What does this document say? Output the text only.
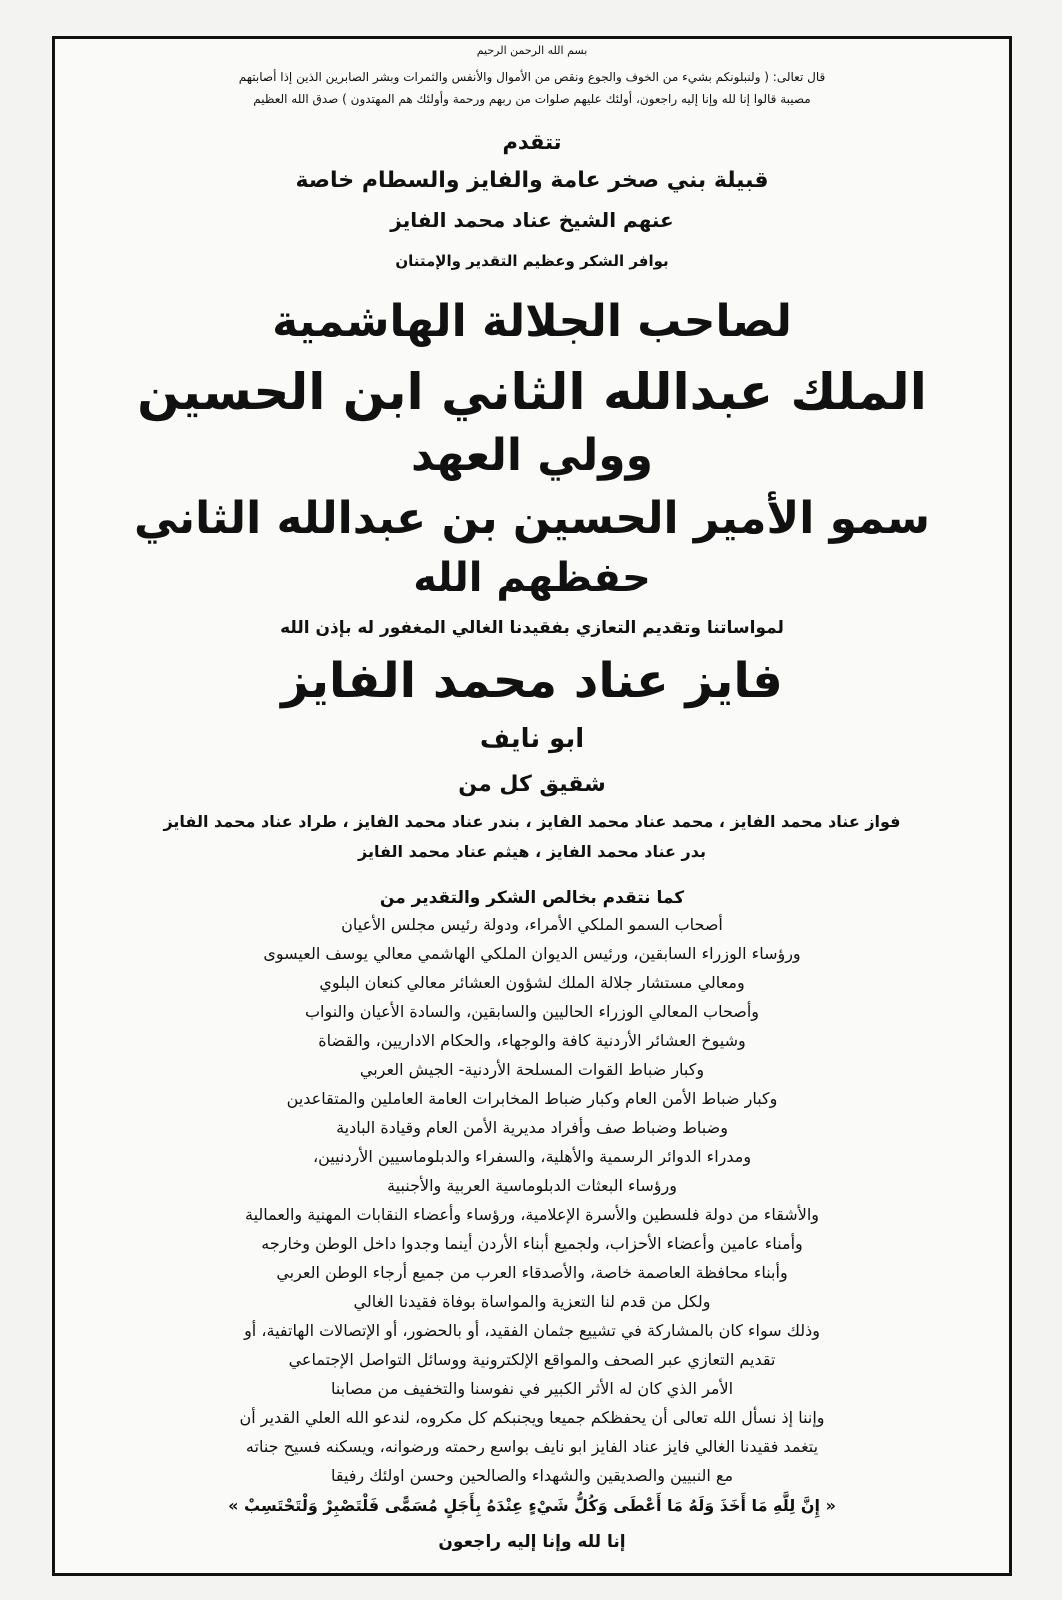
بسم الله الرحمن الرحيم
قال تعالى: ( ولنبلونكم بشيء من الخوف والجوع ونقص من الأموال والأنفس والثمرات وبشر الصابرين الذين إذا أصابتهم
مصيبة قالوا إنا لله وإنا إليه راجعون، أولئك عليهم صلوات من ربهم ورحمة وأولئك هم المهتدون ) صدق الله العظيم
تتقدم
قبيلة بني صخر عامة والفايز والسطام خاصة
عنهم الشيخ عناد محمد الفايز
بوافر الشكر وعظيم التقدير والإمتنان
لصاحب الجلالة الهاشمية
الملك عبدالله الثاني ابن الحسين
وولي العهد
سمو الأمير الحسين بن عبدالله الثاني
حفظهم الله
لمواساتنا وتقديم التعازي بفقيدنا الغالي المغفور له بإذن الله
فايز عناد محمد الفايز
ابو نايف
شقيق كل من
فواز عناد محمد الفايز ، محمد عناد محمد الفايز ، بندر عناد محمد الفايز ، طراد عناد محمد الفايز
بدر عناد محمد الفايز ، هيثم عناد محمد الفايز
كما نتقدم بخالص الشكر والتقدير من
أصحاب السمو الملكي الأمراء، ودولة رئيس مجلس الأعيان
ورؤساء الوزراء السابقين، ورئيس الديوان الملكي الهاشمي معالي يوسف العيسوى
ومعالي مستشار جلالة الملك لشؤون العشائر معالي كنعان البلوي
وأصحاب المعالي الوزراء الحاليين والسابقين، والسادة الأعيان والنواب
وشيوخ العشائر الأردنية كافة والوجهاء، والحكام الاداريين، والقضاة
وكبار ضباط القوات المسلحة الأردنية- الجيش العربي
وكبار ضباط الأمن العام وكبار ضباط المخابرات العامة العاملين والمتقاعدين
وضباط وضباط صف وأفراد مديرية الأمن العام وقيادة البادية
ومدراء الدوائر الرسمية والأهلية، والسفراء والدبلوماسيين الأردنيين،
ورؤساء البعثات الدبلوماسية العربية والأجنبية
والأشقاء من دولة فلسطين والأسرة الإعلامية، ورؤساء وأعضاء النقابات المهنية والعمالية
وأمناء عامين وأعضاء الأحزاب، ولجميع أبناء الأردن أينما وجدوا داخل الوطن وخارجه
وأبناء محافظة العاصمة خاصة، والأصدقاء العرب من جميع أرجاء الوطن العربي
ولكل من قدم لنا التعزية والمواساة بوفاة فقيدنا الغالي
وذلك سواء كان بالمشاركة في تشييع جثمان الفقيد، أو بالحضور، أو الإتصالات الهاتفية، أو
تقديم التعازي عبر الصحف والمواقع الإلكترونية ووسائل التواصل الإجتماعي
الأمر الذي كان له الأثر الكبير في نفوسنا والتخفيف من مصابنا
وإننا إذ نسأل الله تعالى أن يحفظكم جميعا ويجنبكم كل مكروه، لندعو الله العلي القدير أن
يتغمد فقيدنا الغالي فايز عناد الفايز ابو نايف بواسع رحمته ورضوانه، ويسكنه فسيح جناته
مع النبيين والصديقين والشهداء والصالحين وحسن اولئك رفيقا
« إِنَّ لِلَّهِ مَا أَخَذَ وَلَهُ مَا أَعْطَى وَكُلُّ شَيْءٍ عِنْدَهُ بِأَجَلٍ مُسَمًّى فَلْتَصْبِرْ وَلْتَحْتَسِبْ »
إنا لله وإنا إليه راجعون
